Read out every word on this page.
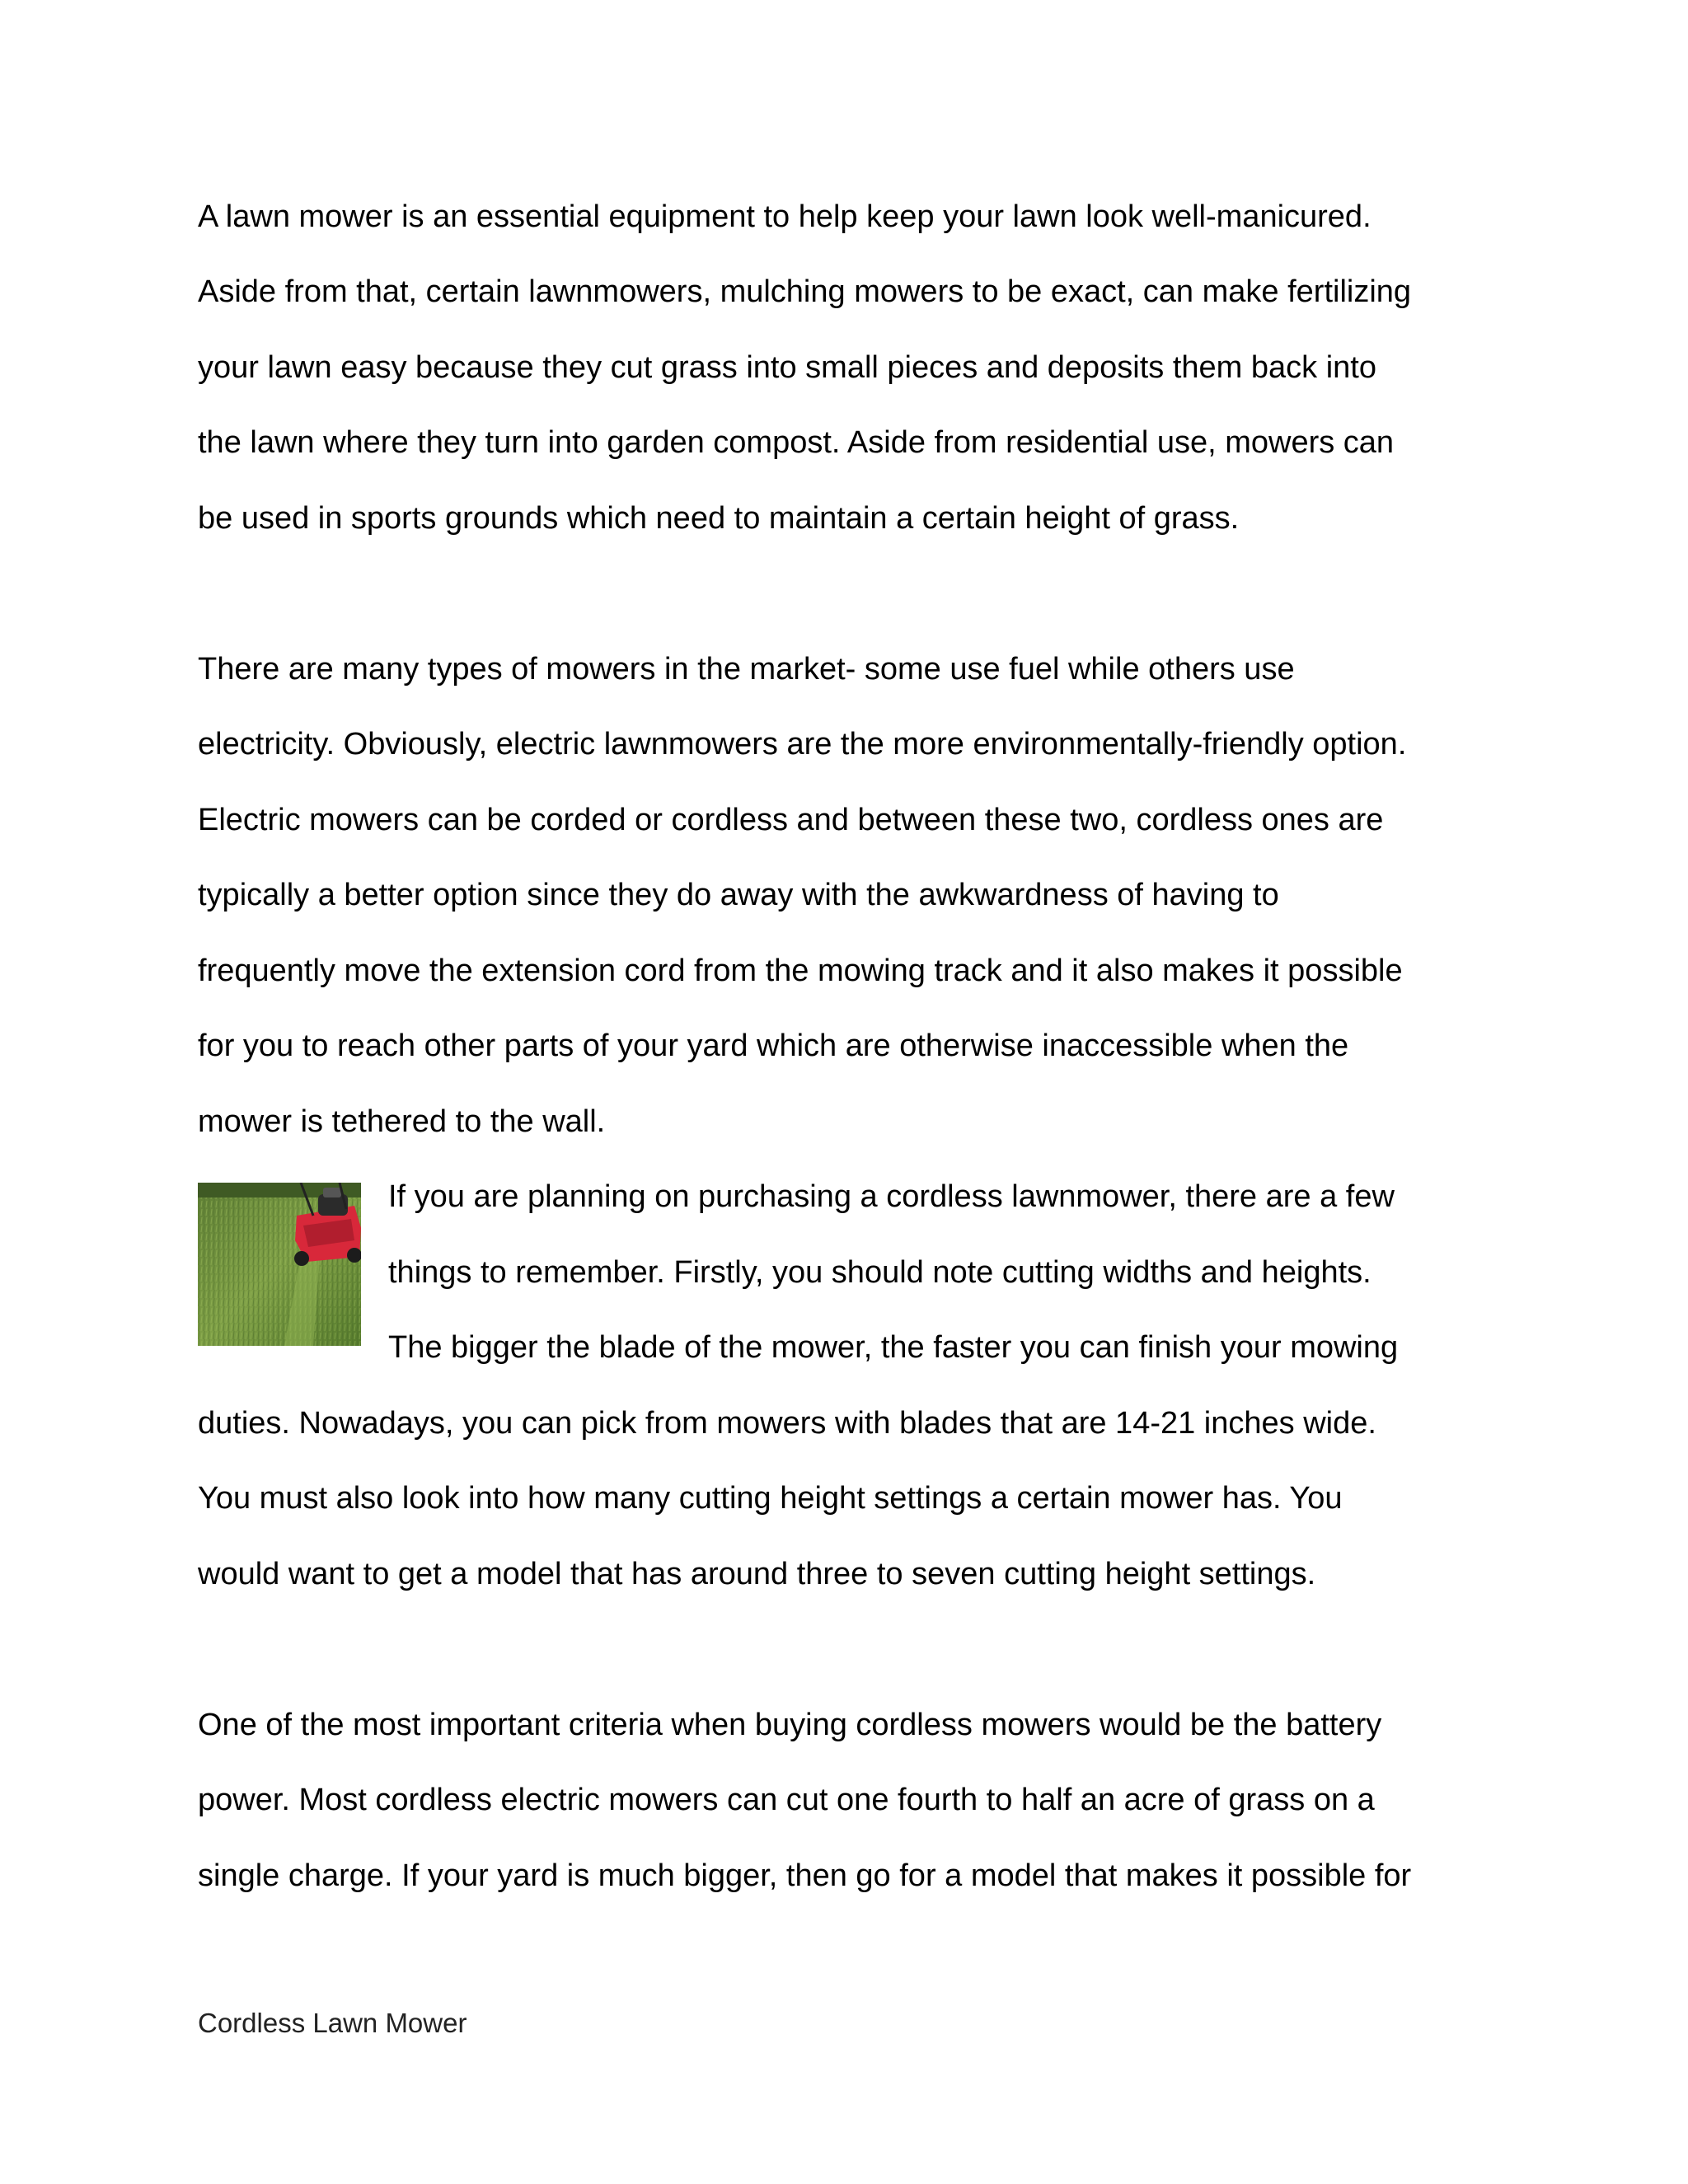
A lawn mower is an essential equipment to help keep your lawn look well-manicured.

Aside from that, certain lawnmowers, mulching mowers to be exact, can make fertilizing

your lawn easy because they cut grass into small pieces and deposits them back into

the lawn where they turn into garden compost. Aside from residential use, mowers can

be used in sports grounds which need to maintain a certain height of grass.

There are many types of mowers in the market- some use fuel while others use

electricity. Obviously, electric lawnmowers are the more environmentally-friendly option.

Electric mowers can be corded or cordless and between these two, cordless ones are

typically a better option since they do away with the awkwardness of having to

frequently move the extension cord from the mowing track and it also makes it possible

for you to reach other parts of your yard which are otherwise inaccessible when the

mower is tethered to the wall.

If you are planning on purchasing a cordless lawnmower, there are a few

things to remember. Firstly, you should note cutting widths and heights.

The bigger the blade of the mower, the faster you can finish your mowing

duties. Nowadays, you can pick from mowers with blades that are 14-21 inches wide.

You must also look into how many cutting height settings a certain mower has. You

would want to get a model that has around three to seven cutting height settings.

One of the most important criteria when buying cordless mowers would be the battery

power. Most cordless electric mowers can cut one fourth to half an acre of grass on a

single charge. If your yard is much bigger, then go for a model that makes it possible for

Cordless Lawn Mower
